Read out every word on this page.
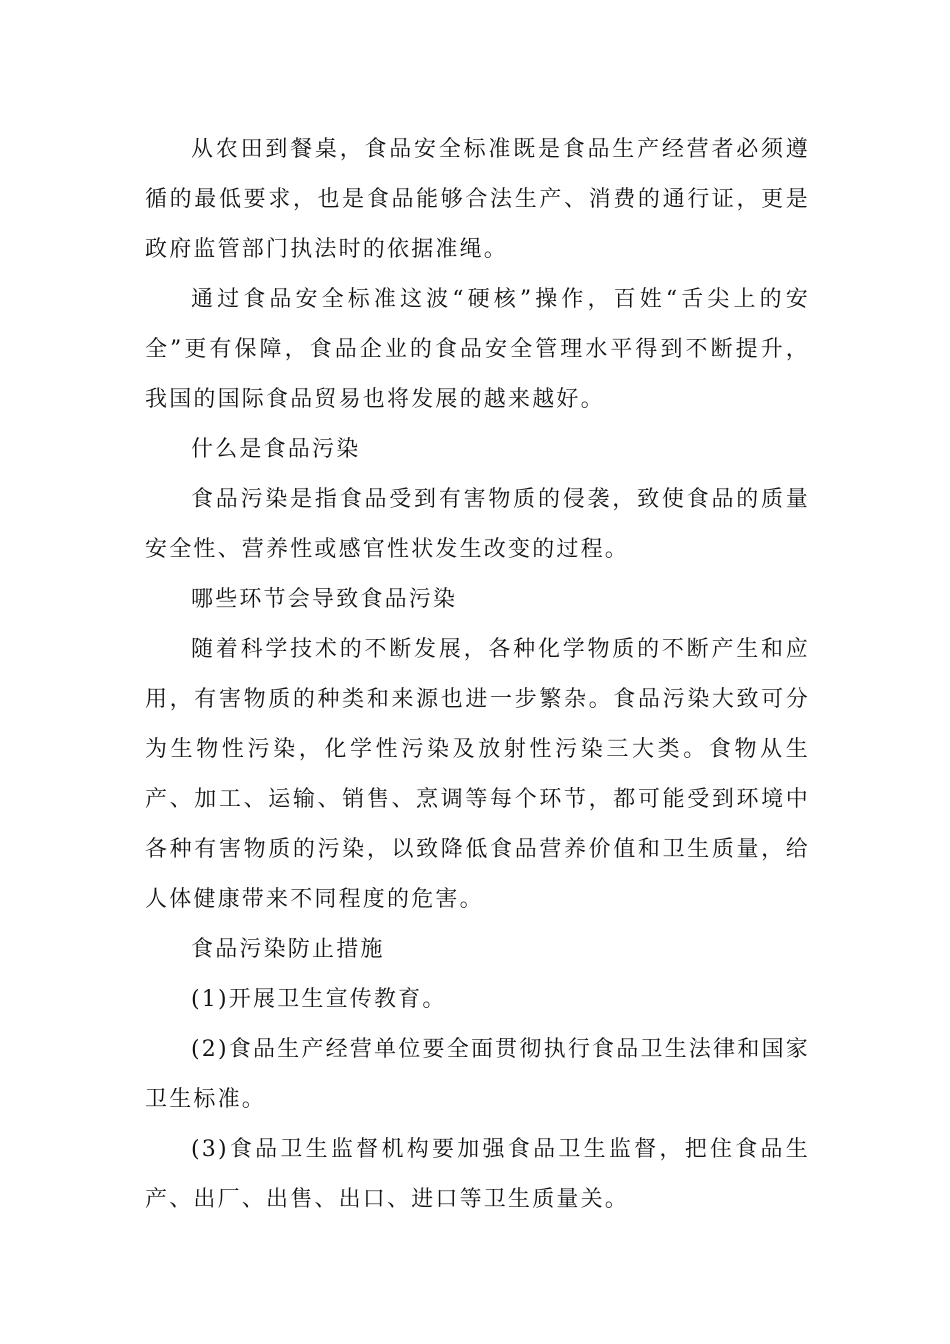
从农田到餐桌，食品安全标准既是食品生产经营者必须遵循的最低要求，也是食品能够合法生产、消费的通行证，更是政府监管部门执法时的依据准绳。

通过食品安全标准这波“硬核”操作，百姓“舌尖上的安全”更有保障，食品企业的食品安全管理水平得到不断提升，我国的国际食品贸易也将发展的越来越好。

什么是食品污染

食品污染是指食品受到有害物质的侵袭，致使食品的质量安全性、营养性或感官性状发生改变的过程。

哪些环节会导致食品污染

随着科学技术的不断发展，各种化学物质的不断产生和应用，有害物质的种类和来源也进一步繁杂。食品污染大致可分为生物性污染，化学性污染及放射性污染三大类。食物从生产、加工、运输、销售、烹调等每个环节，都可能受到环境中各种有害物质的污染，以致降低食品营养价值和卫生质量，给人体健康带来不同程度的危害。

食品污染防止措施

(1)开展卫生宣传教育。

(2)食品生产经营单位要全面贯彻执行食品卫生法律和国家卫生标准。

(3)食品卫生监督机构要加强食品卫生监督，把住食品生产、出厂、出售、出口、进口等卫生质量关。
